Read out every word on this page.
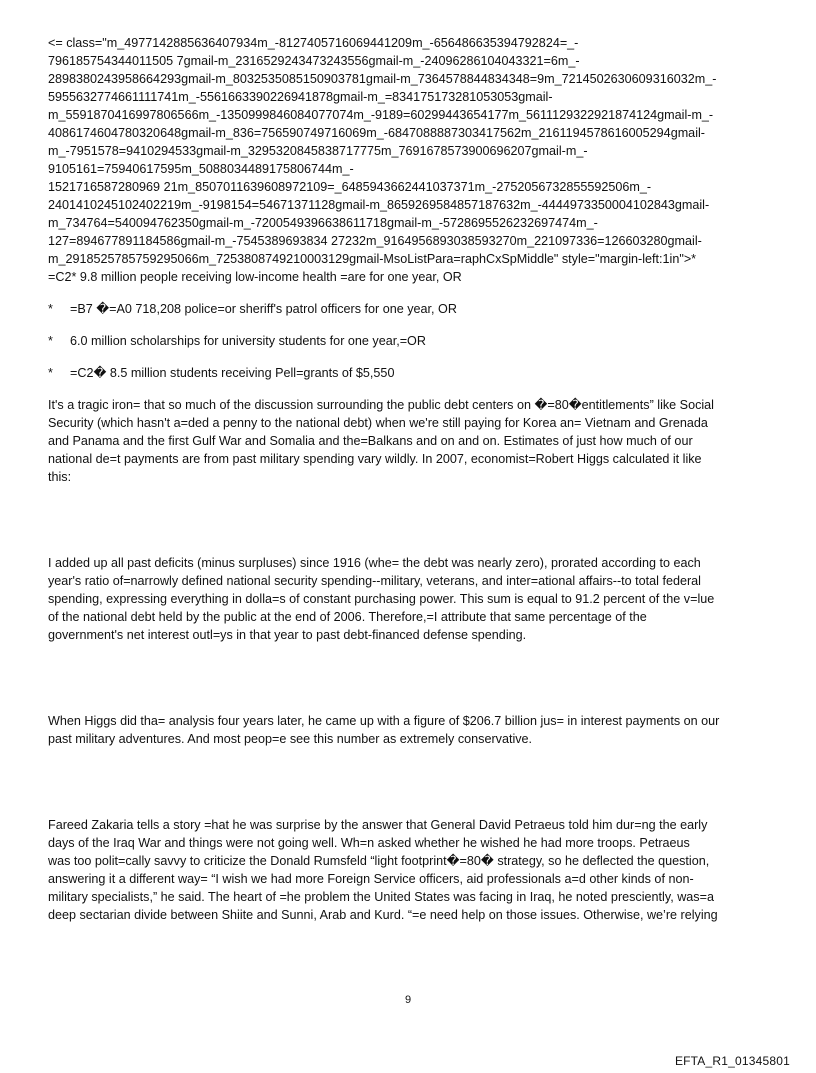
<= class="m_4977142885636407934m_-8127405716069441209m_-656486635394792824=_-
796185754344011505 7gmail-m_2316529243473243556gmail-m_-24096286104043321=6m_-
2898380243958664293gmail-m_8032535085150903781gmail-m_7364578844834348=9m_7214502630609316032m_-
5955632774661111741m_-5561663390226941878gmail-m_=834175173281053053gmail-
m_5591870416997806566m_-1350999846084077074m_-9189=60299443654177m_5611129322921874124gmail-m_-
4086174604780320648gmail-m_836=756590749716069m_-6847088887303417562m_2161194578616005294gmail-
m_-7951578=9410294533gmail-m_3295320845838717775m_7691678573900696207gmail-m_-
9105161=75940617595m_5088034489175806744m_-
1521716587280969 21m_8507011639608972109=_6485943662441037371m_-2752056732855592506m_-
2401410245102402219m_-9198154=54671371128gmail-m_8659269584857187632m_-4444973350004102843gmail-
m_734764=540094762350gmail-m_-7200549396638611718gmail-m_-5728695526232697474m_-
127=894677891184586gmail-m_-7545389693834 27232m_9164956893038593270m_221097336=126603280gmail-
m_2918525785759295066m_7253808749210003129gmail-MsoListPara=raphCxSpMiddle" style="margin-left:1in">*
=C2* 9.8 million people receiving low-income health =are for one year, OR
*	=B7 �=A0 718,208 police=or sheriff's patrol officers for one year, OR
*	6.0 million scholarships for university students for one year,=OR
*	=C2� 8.5 million students receiving Pell=grants of $5,550
It's a tragic iron= that so much of the discussion surrounding the public debt centers on �=80�entitlements” like Social
Security (which hasn't a=ded a penny to the national debt) when we're still paying for Korea an= Vietnam and Grenada
and Panama and the first Gulf War and Somalia and the=Balkans and on and on. Estimates of just how much of our
national de=t payments are from past military spending vary wildly. In 2007, economist=Robert Higgs calculated it like
this:
I added up all past deficits (minus surpluses) since 1916 (whe= the debt was nearly zero), prorated according to each
year's ratio of=narrowly defined national security spending--military, veterans, and inter=ational affairs--to total federal
spending, expressing everything in dolla=s of constant purchasing power. This sum is equal to 91.2 percent of the v=lue
of the national debt held by the public at the end of 2006. Therefore,=I attribute that same percentage of the
government's net interest outl=ys in that year to past debt-financed defense spending.
When Higgs did tha= analysis four years later, he came up with a figure of $206.7 billion jus= in interest payments on our
past military adventures. And most peop=e see this number as extremely conservative.
Fareed Zakaria tells a story =hat he was surprise by the answer that General David Petraeus told him dur=ng the early
days of the Iraq War and things were not going well. Wh=n asked whether he wished he had more troops. Petraeus
was too polit=cally savvy to criticize the Donald Rumsfeld “light footprint�=80� strategy, so he deflected the question,
answering it a different way= “I wish we had more Foreign Service officers, aid professionals a=d other kinds of non-
military specialists,” he said. The heart of =he problem the United States was facing in Iraq, he noted presciently, was=a
deep sectarian divide between Shiite and Sunni, Arab and Kurd. “=e need help on those issues. Otherwise, we’re relying
9
EFTA_R1_01345801
